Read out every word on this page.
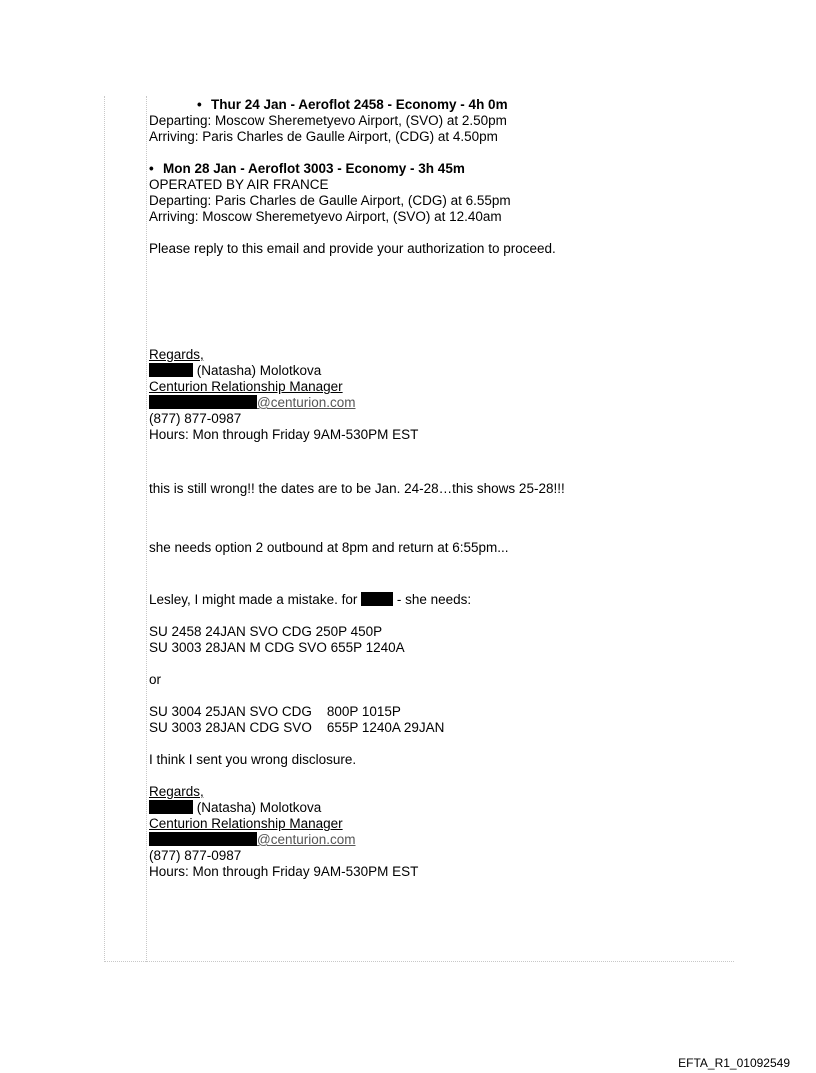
• Thur 24 Jan - Aeroflot 2458 - Economy - 4h 0m
Departing: Moscow Sheremetyevo Airport, (SVO) at 2.50pm
Arriving: Paris Charles de Gaulle Airport, (CDG) at 4.50pm
• Mon 28 Jan - Aeroflot 3003 - Economy - 3h 45m
OPERATED BY AIR FRANCE
Departing: Paris Charles de Gaulle Airport, (CDG) at 6.55pm
Arriving: Moscow Sheremetyevo Airport, (SVO) at 12.40am
Please reply to this email and provide your authorization to proceed.
Regards,
(Natasha) Molotkova
Centurion Relationship Manager
@centurion.com
(877) 877-0987
Hours: Mon through Friday 9AM-530PM EST
this is still wrong!! the dates are to be Jan. 24-28…this shows 25-28!!!
she needs option 2 outbound at 8pm and return at 6:55pm...
Lesley, I might made a mistake. for	- she needs:
SU 2458 24JAN SVO CDG 250P 450P
SU 3003 28JAN M CDG SVO 655P 1240A
or
SU 3004 25JAN SVO CDG    800P 1015P
SU 3003 28JAN CDG SVO    655P 1240A 29JAN
I think I sent you wrong disclosure.
Regards,
(Natasha) Molotkova
Centurion Relationship Manager
@centurion.com
(877) 877-0987
Hours: Mon through Friday 9AM-530PM EST
EFTA_R1_01092549
